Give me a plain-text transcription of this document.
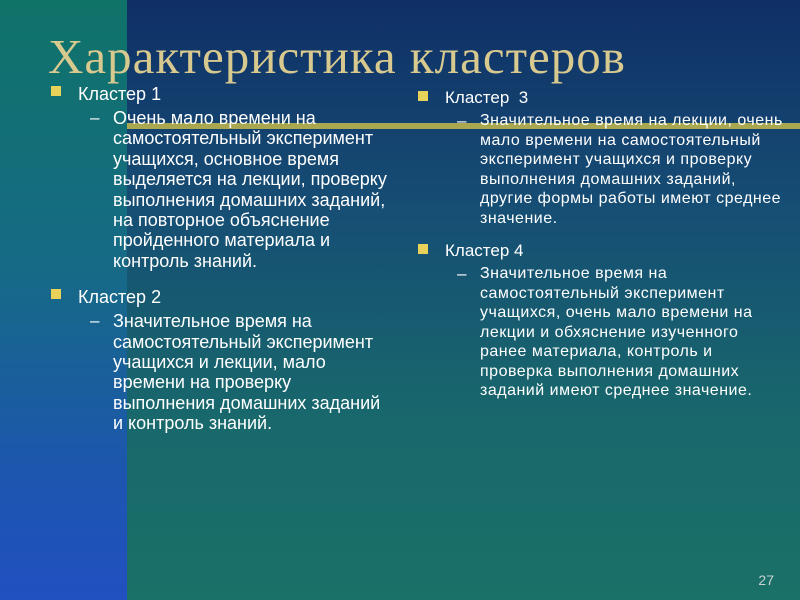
Характеристика кластеров
Кластер 1
– Очень мало времени на самостоятельный эксперимент учащихся, основное время выделяется на лекции, проверку выполнения домашних заданий, на повторное объяснение пройденного материала и контроль знаний.
Кластер 2
– Значительное время на самостоятельный эксперимент учащихся и лекции, мало времени на проверку выполнения домашних заданий и контроль знаний.
Кластер  3
– Значительное время на лекции, очень мало времени на самостоятельный эксперимент учащихся и проверку выполнения домашних заданий, другие формы работы имеют среднее значение.
Кластер 4
– Значительное время на самостоятельный эксперимент учащихся, очень мало времени на лекции и обхяснение изученного ранее материала, контроль и проверка выполнения домашних заданий имеют среднее значение.
27
